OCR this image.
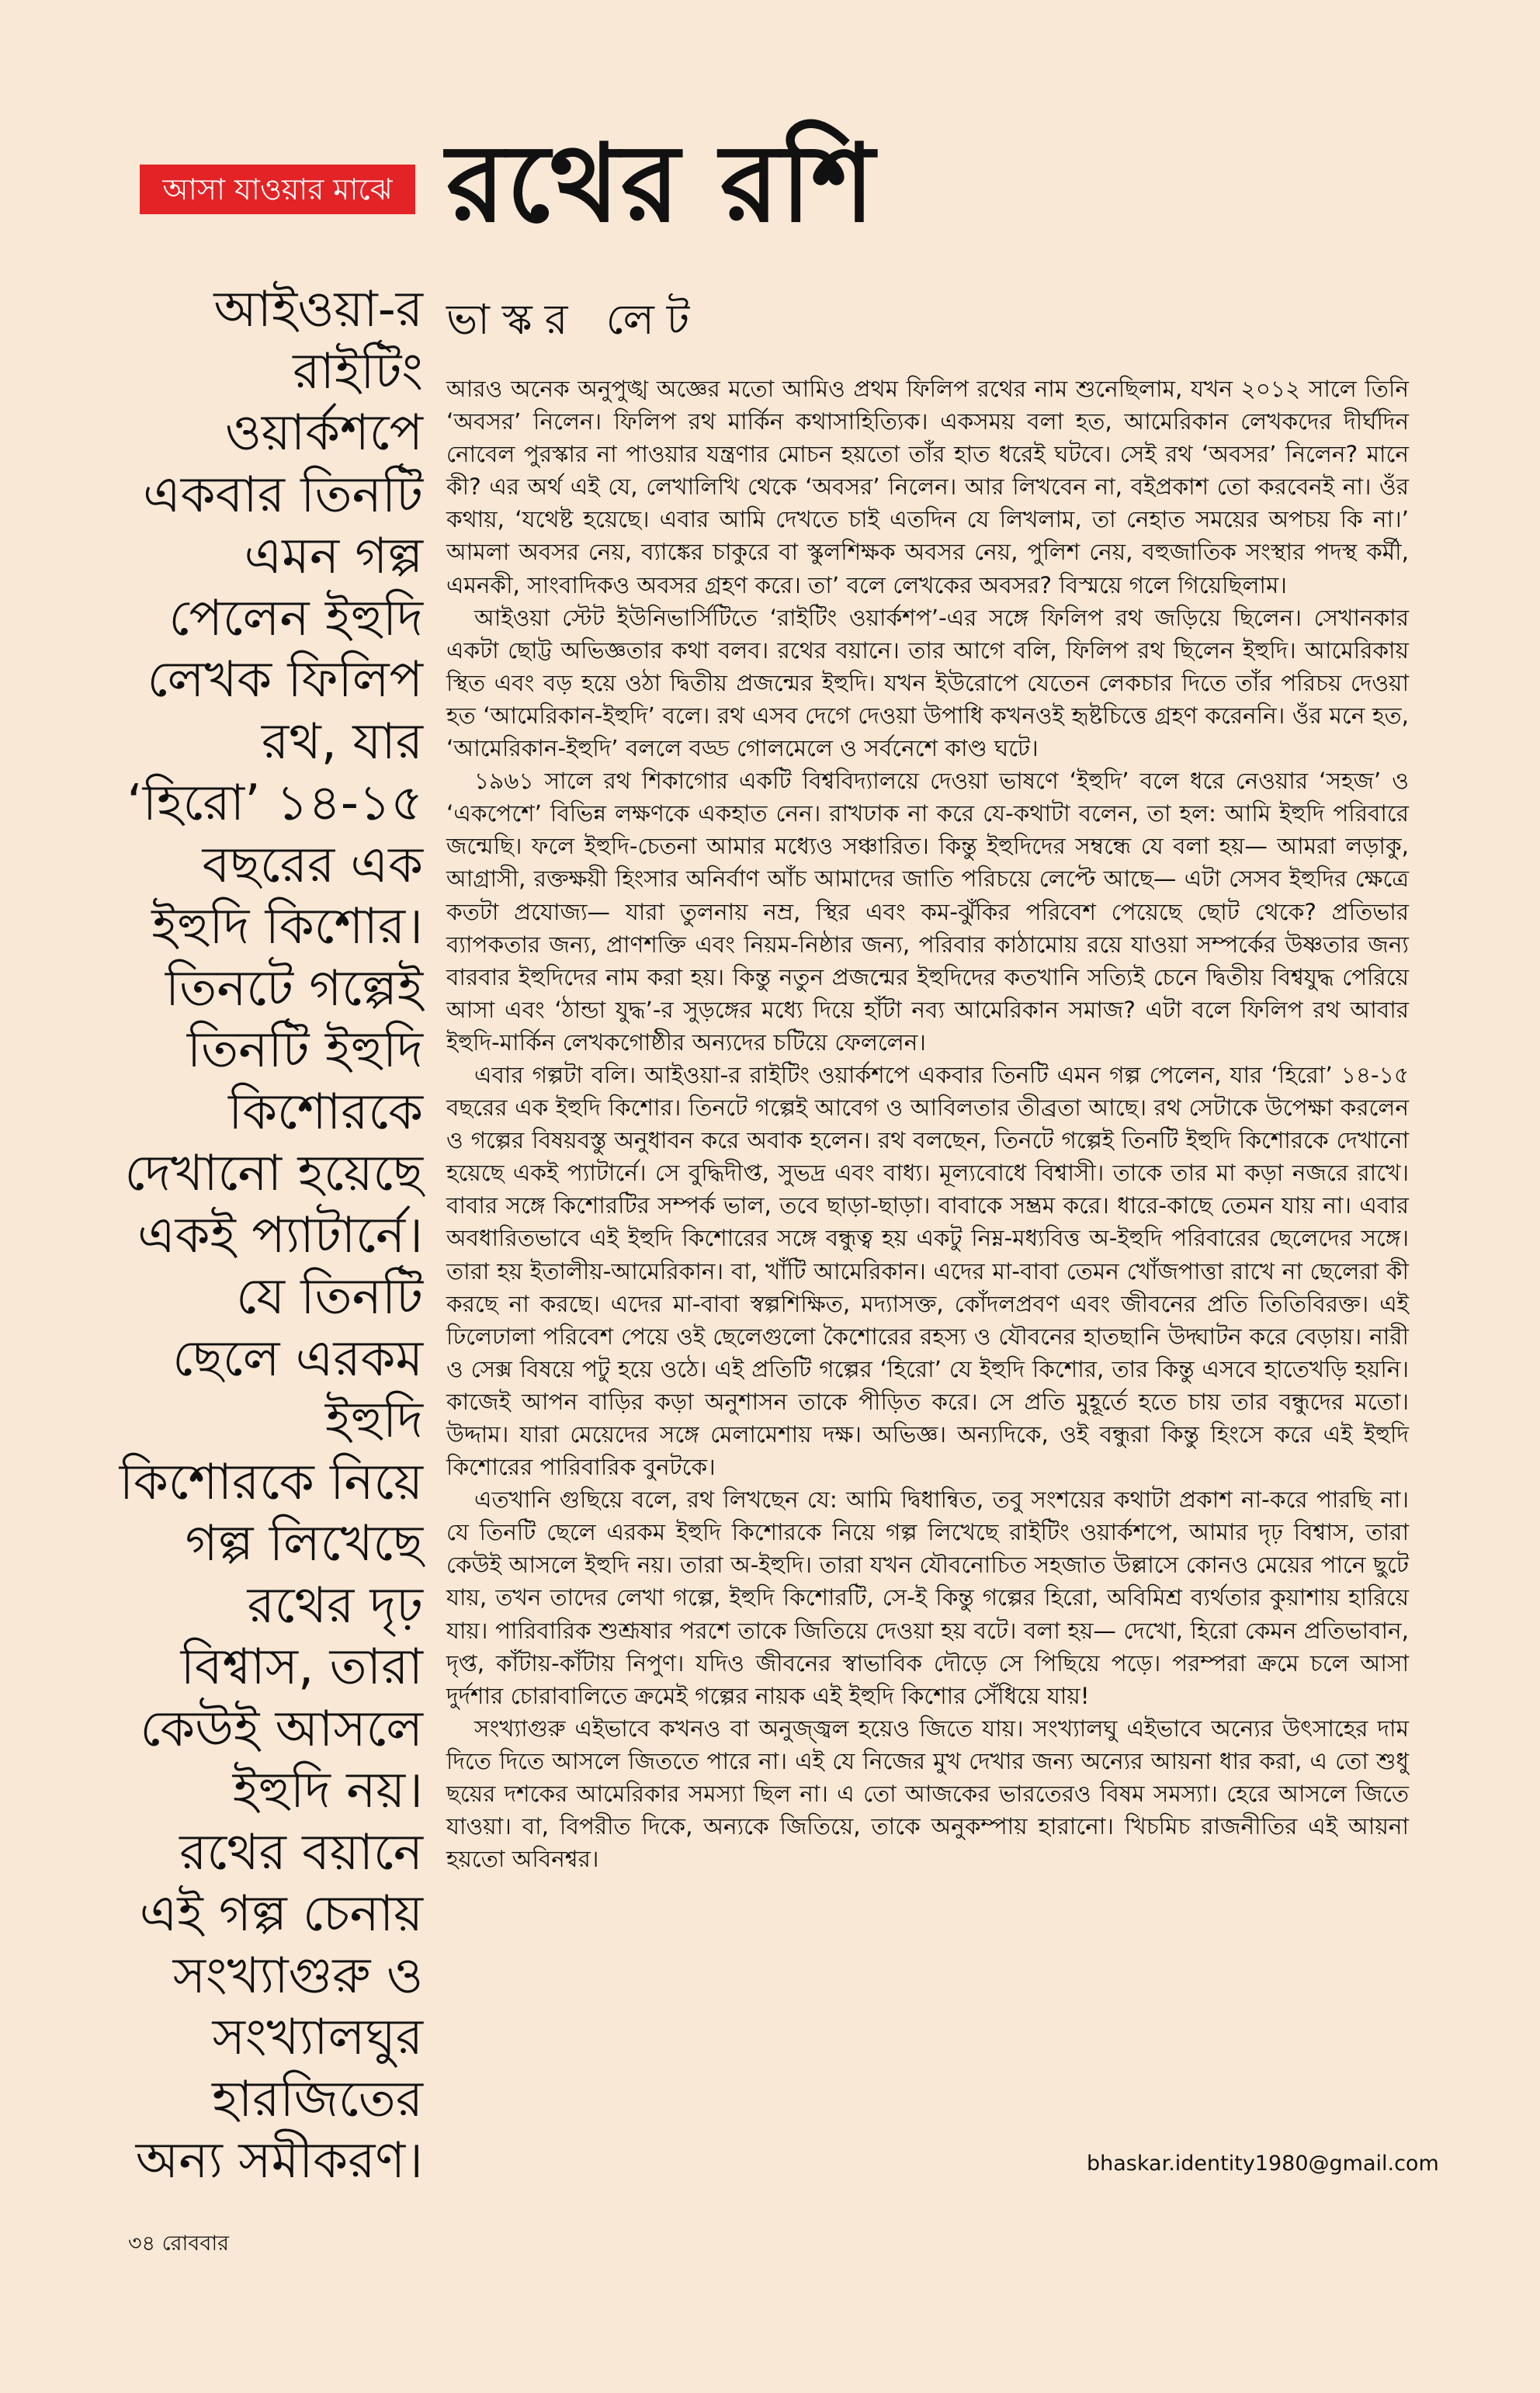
আসা যাওয়ার মাঝে রথের রশি
ভাস্কর লেট
আইওয়া-র রাইটিং ওয়ার্কশপে একবার তিনটি এমন গল্প পেলেন ইহুদি লেখক ফিলিপ রথ, যার ‘হিরো’ ১৪-১৫ বছরের এক ইহুদি কিশোর। তিনটে গল্পেই তিনটি ইহুদি কিশোরকে দেখানো হয়েছে একই প্যাটার্নে। যে তিনটি ছেলে এরকম ইহুদি কিশোরকে নিয়ে গল্প লিখেছে রথের দৃঢ় বিশ্বাস, তারা কেউই আসলে ইহুদি নয়। রথের বয়ানে এই গল্প চেনায় সংখ্যাগুরু ও সংখ্যালঘুর হারজিতের অন্য সমীকরণ।

আরও অনেক অনুপুঙ্খ অজ্ঞের মতো আমিও প্রথম ফিলিপ রথের নাম শুনেছিলাম, যখন ২০১২ সালে তিনি ‘অবসর’ নিলেন। ফিলিপ রথ মার্কিন কথাসাহিত্যিক। একসময় বলা হত, আমেরিকান লেখকদের দীর্ঘদিন নোবেল পুরস্কার না পাওয়ার যন্ত্রণার মোচন হয়তো তাঁর হাত ধরেই ঘটবে। সেই রথ ‘অবসর’ নিলেন? মানে কী? এর অর্থ এই যে, লেখালিখি থেকে ‘অবসর’ নিলেন। আর লিখবেন না, বইপ্রকাশ তো করবেনই না। ওঁর কথায়, ‘যথেষ্ট হয়েছে। এবার আমি দেখতে চাই এতদিন যে লিখলাম, তা নেহাত সময়ের অপচয় কি না।’ আমলা অবসর নেয়, ব্যাঙ্কের চাকুরে বা স্কুলশিক্ষক অবসর নেয়, পুলিশ নেয়, বহুজাতিক সংস্থার পদস্থ কর্মী, এমনকী, সাংবাদিকও অবসর গ্রহণ করে। তা’ বলে লেখকের অবসর? বিস্ময়ে গলে গিয়েছিলাম।

আইওয়া স্টেট ইউনিভার্সিটিতে ‘রাইটিং ওয়ার্কশপ’-এর সঙ্গে ফিলিপ রথ জড়িয়ে ছিলেন। সেখানকার একটা ছোট্ট অভিজ্ঞতার কথা বলব। রথের বয়ানে। তার আগে বলি, ফিলিপ রথ ছিলেন ইহুদি। আমেরিকায় স্থিত এবং বড় হয়ে ওঠা দ্বিতীয় প্রজন্মের ইহুদি। যখন ইউরোপে যেতেন লেকচার দিতে তাঁর পরিচয় দেওয়া হত ‘আমেরিকান-ইহুদি’ বলে। রথ এসব দেগে দেওয়া উপাধি কখনওই হৃষ্টচিত্তে গ্রহণ করেননি। ওঁর মনে হত, ‘আমেরিকান-ইহুদি’ বললে বড্ড গোলমেলে ও সর্বনেশে কাণ্ড ঘটে।

১৯৬১ সালে রথ শিকাগোর একটি বিশ্ববিদ্যালয়ে দেওয়া ভাষণে ‘ইহুদি’ বলে ধরে নেওয়ার ‘সহজ’ ও ‘একপেশে’ বিভিন্ন লক্ষণকে একহাত নেন। রাখঢাক না করে যে-কথাটা বলেন, তা হল: আমি ইহুদি পরিবারে জন্মেছি। ফলে ইহুদি-চেতনা আমার মধ্যেও সঞ্চারিত। কিন্তু ইহুদিদের সম্বন্ধে যে বলা হয়— আমরা লড়াকু, আগ্রাসী, রক্তক্ষয়ী হিংসার অনির্বাণ আঁচ আমাদের জাতি পরিচয়ে লেপ্টে আছে— এটা সেসব ইহুদির ক্ষেত্রে কতটা প্রযোজ্য— যারা তুলনায় নম্র, স্থির এবং কম-ঝুঁকির পরিবেশ পেয়েছে ছোট থেকে? প্রতিভার ব্যাপকতার জন্য, প্রাণশক্তি এবং নিয়ম-নিষ্ঠার জন্য, পরিবার কাঠামোয় রয়ে যাওয়া সম্পর্কের উষ্ণতার জন্য বারবার ইহুদিদের নাম করা হয়। কিন্তু নতুন প্রজন্মের ইহুদিদের কতখানি সত্যিই চেনে দ্বিতীয় বিশ্বযুদ্ধ পেরিয়ে আসা এবং ‘ঠান্ডা যুদ্ধ’-র সুড়ঙ্গের মধ্যে দিয়ে হাঁটা নব্য আমেরিকান সমাজ? এটা বলে ফিলিপ রথ আবার ইহুদি-মার্কিন লেখকগোষ্ঠীর অন্যদের চটিয়ে ফেললেন।

এবার গল্পটা বলি। আইওয়া-র রাইটিং ওয়ার্কশপে একবার তিনটি এমন গল্প পেলেন, যার ‘হিরো’ ১৪-১৫ বছরের এক ইহুদি কিশোর। তিনটে গল্পেই আবেগ ও আবিলতার তীব্রতা আছে। রথ সেটাকে উপেক্ষা করলেন ও গল্পের বিষয়বস্তু অনুধাবন করে অবাক হলেন। রথ বলছেন, তিনটে গল্পেই তিনটি ইহুদি কিশোরকে দেখানো হয়েছে একই প্যাটার্নে। সে বুদ্ধিদীপ্ত, সুভদ্র এবং বাধ্য। মূল্যবোধে বিশ্বাসী। তাকে তার মা কড়া নজরে রাখে। বাবার সঙ্গে কিশোরটির সম্পর্ক ভাল, তবে ছাড়া-ছাড়া। বাবাকে সম্ভ্রম করে। ধারে-কাছে তেমন যায় না। এবার অবধারিতভাবে এই ইহুদি কিশোরের সঙ্গে বন্ধুত্ব হয় একটু নিম্ন-মধ্যবিত্ত অ-ইহুদি পরিবারের ছেলেদের সঙ্গে। তারা হয় ইতালীয়-আমেরিকান। বা, খাঁটি আমেরিকান। এদের মা-বাবা তেমন খোঁজপাত্তা রাখে না ছেলেরা কী করছে না করছে। এদের মা-বাবা স্বল্পশিক্ষিত, মদ্যাসক্ত, কোঁদলপ্রবণ এবং জীবনের প্রতি তিতিবিরক্ত। এই ঢিলেঢালা পরিবেশ পেয়ে ওই ছেলেগুলো কৈশোরের রহস্য ও যৌবনের হাতছানি উদ্ঘাটন করে বেড়ায়। নারী ও সেক্স বিষয়ে পটু হয়ে ওঠে। এই প্রতিটি গল্পের ‘হিরো’ যে ইহুদি কিশোর, তার কিন্তু এসবে হাতেখড়ি হয়নি। কাজেই আপন বাড়ির কড়া অনুশাসন তাকে পীড়িত করে। সে প্রতি মুহূর্তে হতে চায় তার বন্ধুদের মতো। উদ্দাম। যারা মেয়েদের সঙ্গে মেলামেশায় দক্ষ। অভিজ্ঞ। অন্যদিকে, ওই বন্ধুরা কিন্তু হিংসে করে এই ইহুদি কিশোরের পারিবারিক বুনটকে।

এতখানি গুছিয়ে বলে, রথ লিখছেন যে: আমি দ্বিধান্বিত, তবু সংশয়ের কথাটা প্রকাশ না-করে পারছি না। যে তিনটি ছেলে এরকম ইহুদি কিশোরকে নিয়ে গল্প লিখেছে রাইটিং ওয়ার্কশপে, আমার দৃঢ় বিশ্বাস, তারা কেউই আসলে ইহুদি নয়। তারা অ-ইহুদি। তারা যখন যৌবনোচিত সহজাত উল্লাসে কোনও মেয়ের পানে ছুটে যায়, তখন তাদের লেখা গল্পে, ইহুদি কিশোরটি, সে-ই কিন্তু গল্পের হিরো, অবিমিশ্র ব্যর্থতার কুয়াশায় হারিয়ে যায়। পারিবারিক শুশ্রূষার পরশে তাকে জিতিয়ে দেওয়া হয় বটে। বলা হয়— দেখো, হিরো কেমন প্রতিভাবান, দৃপ্ত, কাঁটায়-কাঁটায় নিপুণ। যদিও জীবনের স্বাভাবিক দৌড়ে সে পিছিয়ে পড়ে। পরম্পরা ক্রমে চলে আসা দুর্দশার চোরাবালিতে ক্রমেই গল্পের নায়ক এই ইহুদি কিশোর সেঁধিয়ে যায়!

সংখ্যাগুরু এইভাবে কখনও বা অনুজ্জ্বল হয়েও জিতে যায়। সংখ্যালঘু এইভাবে অন্যের উৎসাহের দাম দিতে দিতে আসলে জিততে পারে না। এই যে নিজের মুখ দেখার জন্য অন্যের আয়না ধার করা, এ তো শুধু ছয়ের দশকের আমেরিকার সমস্যা ছিল না। এ তো আজকের ভারতেরও বিষম সমস্যা। হেরে আসলে জিতে যাওয়া। বা, বিপরীত দিকে, অন্যকে জিতিয়ে, তাকে অনুকম্পায় হারানো। খিচমিচ রাজনীতির এই আয়না হয়তো অবিনশ্বর।

bhaskar.identity1980@gmail.com
৩৪ রোববার
